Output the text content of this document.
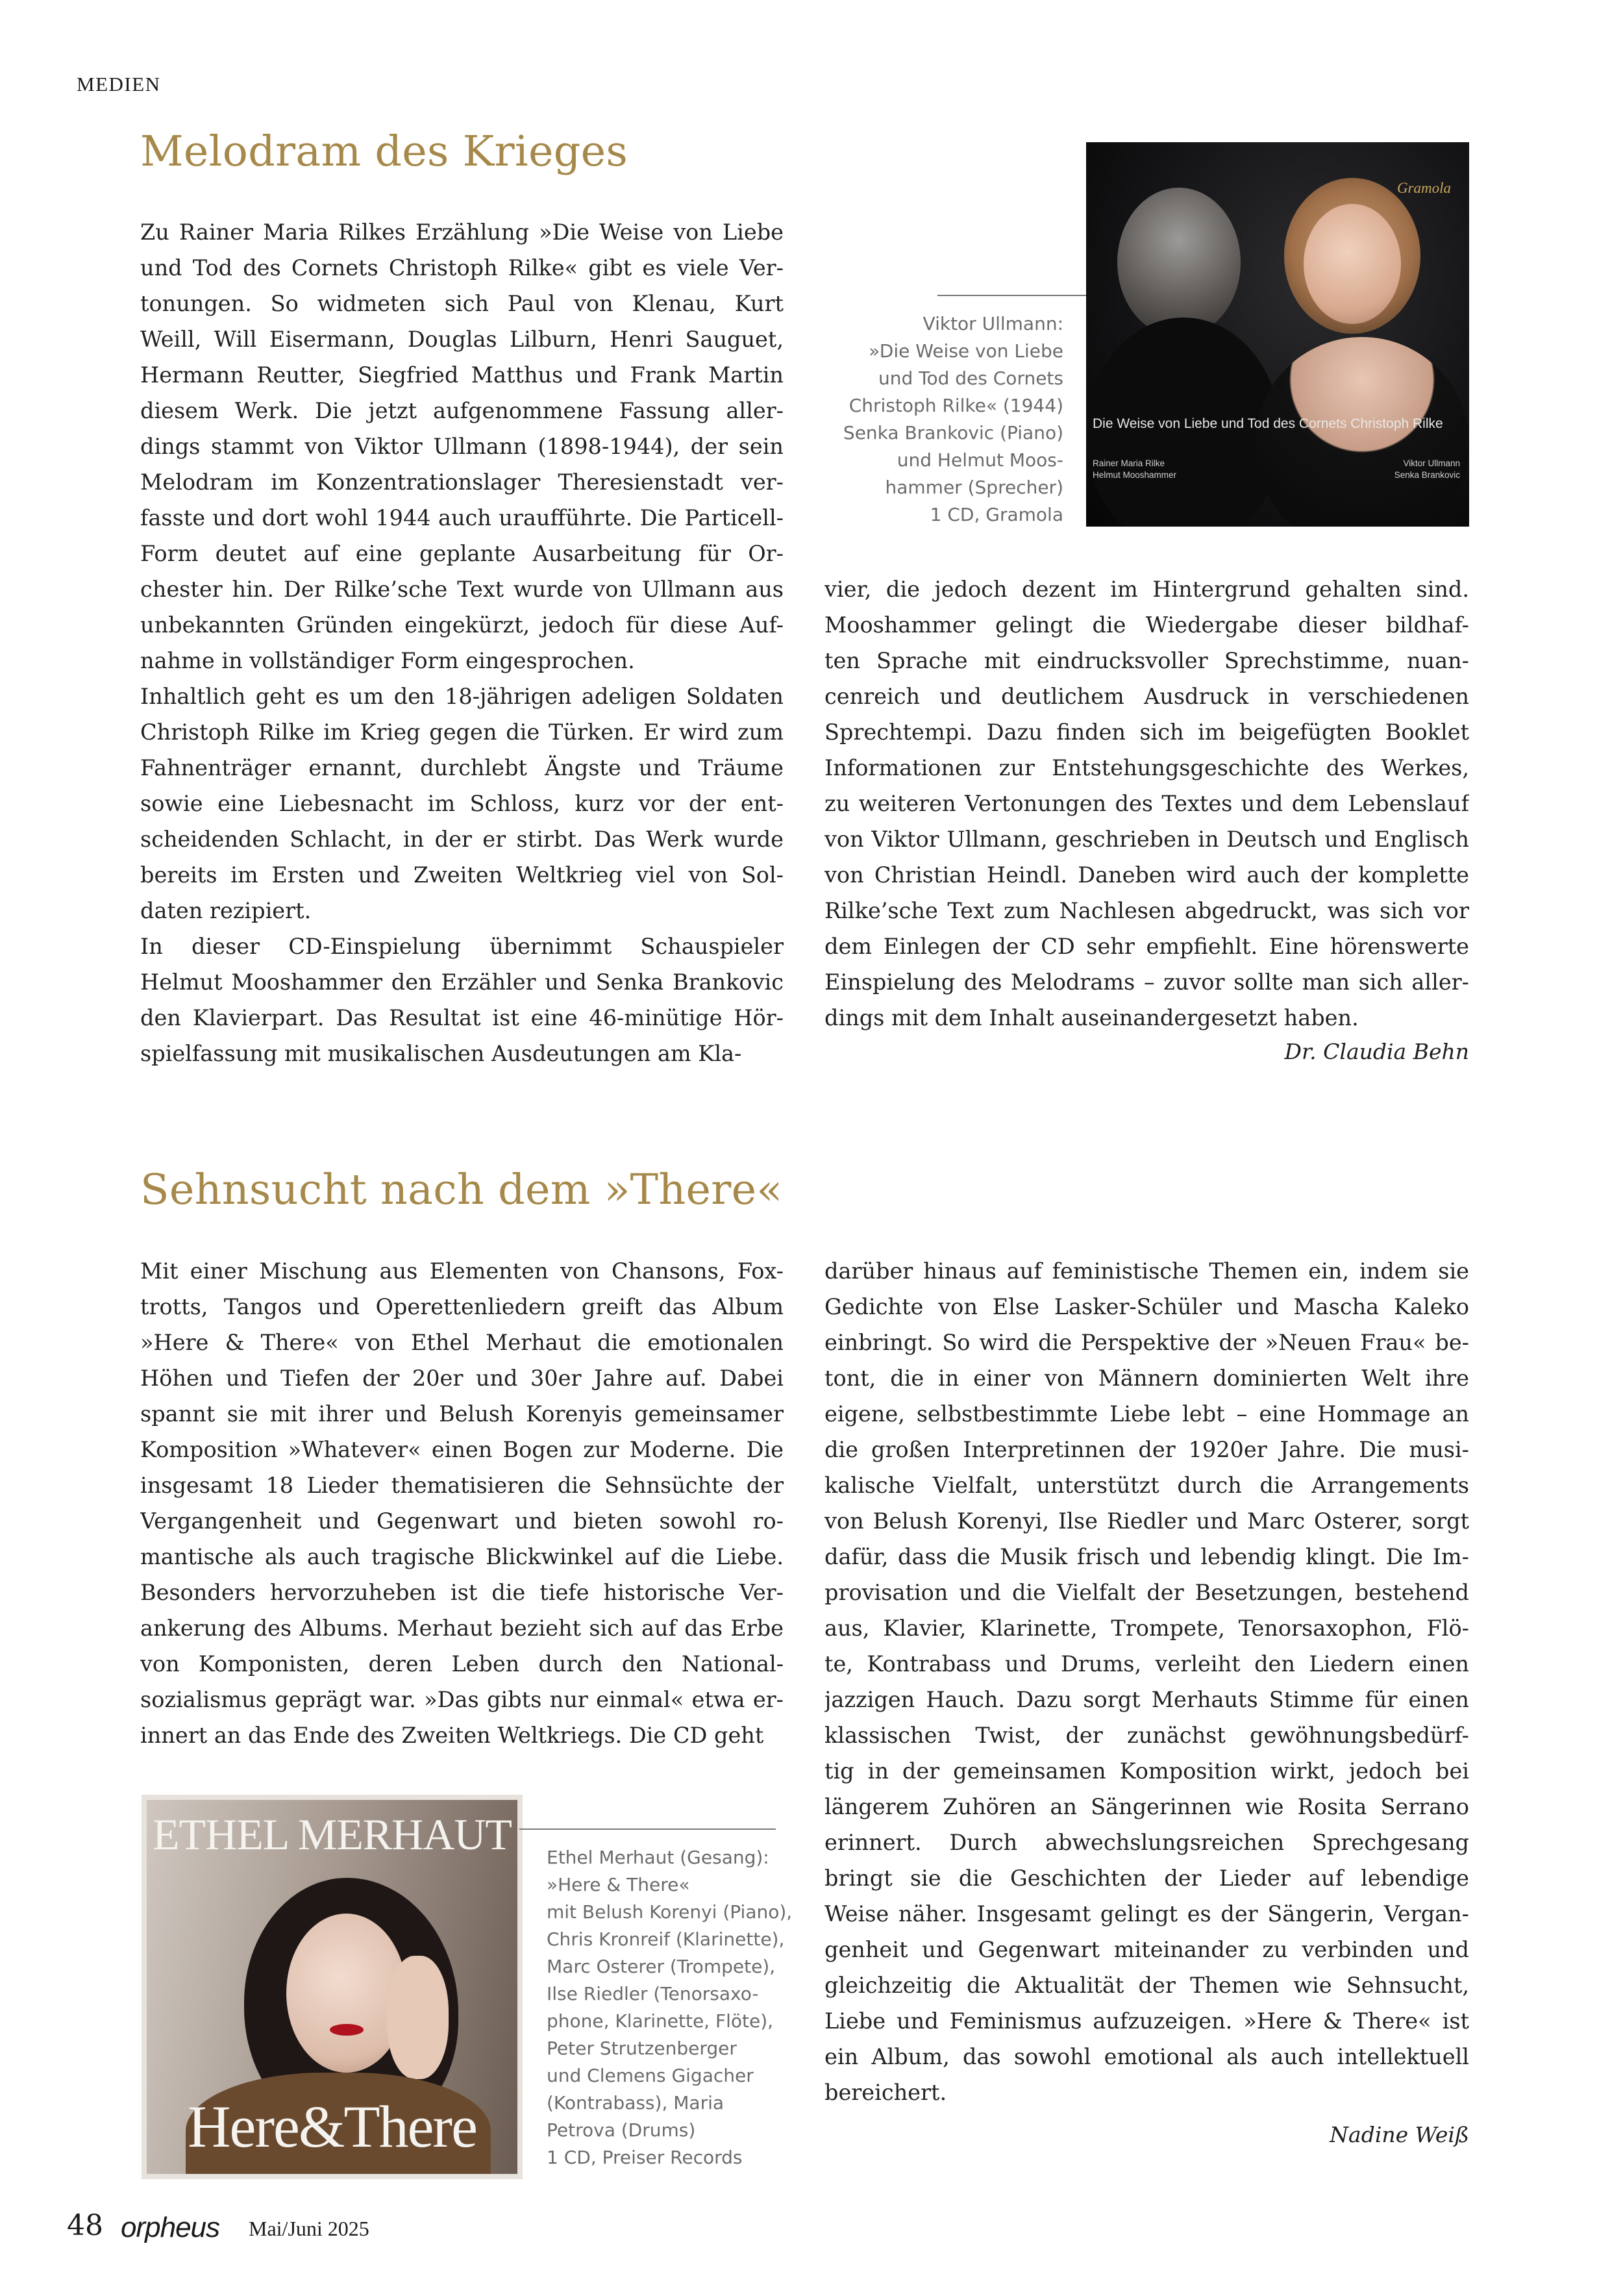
MEDIEN
Melodram des Krieges
Zu Rainer Maria Rilkes Erzählung »Die Weise von Liebe
und Tod des Cornets Christoph Rilke« gibt es viele Ver-
tonungen. So widmeten sich Paul von Klenau, Kurt
Weill, Will Eisermann, Douglas Lilburn, Henri Sauguet,
Hermann Reutter, Siegfried Matthus und Frank Martin
diesem Werk. Die jetzt aufgenommene Fassung aller-
dings stammt von Viktor Ullmann (1898-1944), der sein
Melodram im Konzentrationslager Theresienstadt ver-
fasste und dort wohl 1944 auch uraufführte. Die Particell-
Form deutet auf eine geplante Ausarbeitung für Or-
chester hin. Der Rilke’sche Text wurde von Ullmann aus
unbekannten Gründen eingekürzt, jedoch für diese Auf-
nahme in vollständiger Form eingesprochen.
Inhaltlich geht es um den 18-jährigen adeligen Soldaten
Christoph Rilke im Krieg gegen die Türken. Er wird zum
Fahnenträger ernannt, durchlebt Ängste und Träume
sowie eine Liebesnacht im Schloss, kurz vor der ent-
scheidenden Schlacht, in der er stirbt. Das Werk wurde
bereits im Ersten und Zweiten Weltkrieg viel von Sol-
daten rezipiert.
In dieser CD-Einspielung übernimmt Schauspieler
Helmut Mooshammer den Erzähler und Senka Brankovic
den Klavierpart. Das Resultat ist eine 46-minütige Hör-
spielfassung mit musikalischen Ausdeutungen am Kla-
vier, die jedoch dezent im Hintergrund gehalten sind.
Mooshammer gelingt die Wiedergabe dieser bildhaf-
ten Sprache mit eindrucksvoller Sprechstimme, nuan-
cenreich und deutlichem Ausdruck in verschiedenen
Sprechtempi. Dazu finden sich im beigefügten Booklet
Informationen zur Entstehungsgeschichte des Werkes,
zu weiteren Vertonungen des Textes und dem Lebenslauf
von Viktor Ullmann, geschrieben in Deutsch und Englisch
von Christian Heindl. Daneben wird auch der komplette
Rilke’sche Text zum Nachlesen abgedruckt, was sich vor
dem Einlegen der CD sehr empfiehlt. Eine hörenswerte
Einspielung des Melodrams – zuvor sollte man sich aller-
dings mit dem Inhalt auseinandergesetzt haben.
Dr. Claudia Behn
Viktor Ullmann:
»Die Weise von Liebe
und Tod des Cornets
Christoph Rilke« (1944)
Senka Brankovic (Piano)
und Helmut Moos-
hammer (Sprecher)
1 CD, Gramola
Gramola
Die Weise von Liebe und Tod des Cornets Christoph Rilke
Rainer Maria Rilke
Helmut Mooshammer
Viktor Ullmann
Senka Brankovic
Sehnsucht nach dem »There«
Mit einer Mischung aus Elementen von Chansons, Fox-
trotts, Tangos und Operettenliedern greift das Album
»Here & There« von Ethel Merhaut die emotionalen
Höhen und Tiefen der 20er und 30er Jahre auf. Dabei
spannt sie mit ihrer und Belush Korenyis gemeinsamer
Komposition »Whatever« einen Bogen zur Moderne. Die
insgesamt 18 Lieder thematisieren die Sehnsüchte der
Vergangenheit und Gegenwart und bieten sowohl ro-
mantische als auch tragische Blickwinkel auf die Liebe.
Besonders hervorzuheben ist die tiefe historische Ver-
ankerung des Albums. Merhaut bezieht sich auf das Erbe
von Komponisten, deren Leben durch den National-
sozialismus geprägt war. »Das gibts nur einmal« etwa er-
innert an das Ende des Zweiten Weltkriegs. Die CD geht
darüber hinaus auf feministische Themen ein, indem sie
Gedichte von Else Lasker-Schüler und Mascha Kaleko
einbringt. So wird die Perspektive der »Neuen Frau« be-
tont, die in einer von Männern dominierten Welt ihre
eigene, selbstbestimmte Liebe lebt – eine Hommage an
die großen Interpretinnen der 1920er Jahre. Die musi-
kalische Vielfalt, unterstützt durch die Arrangements
von Belush Korenyi, Ilse Riedler und Marc Osterer, sorgt
dafür, dass die Musik frisch und lebendig klingt. Die Im-
provisation und die Vielfalt der Besetzungen, bestehend
aus, Klavier, Klarinette, Trompete, Tenorsaxophon, Flö-
te, Kontrabass und Drums, verleiht den Liedern einen
jazzigen Hauch. Dazu sorgt Merhauts Stimme für einen
klassischen Twist, der zunächst gewöhnungsbedürf-
tig in der gemeinsamen Komposition wirkt, jedoch bei
längerem Zuhören an Sängerinnen wie Rosita Serrano
erinnert. Durch abwechslungsreichen Sprechgesang
bringt sie die Geschichten der Lieder auf lebendige
Weise näher. Insgesamt gelingt es der Sängerin, Vergan-
genheit und Gegenwart miteinander zu verbinden und
gleichzeitig die Aktualität der Themen wie Sehnsucht,
Liebe und Feminismus aufzuzeigen. »Here & There« ist
ein Album, das sowohl emotional als auch intellektuell
bereichert.
Nadine Weiß
ETHEL MERHAUT
Here&There
Ethel Merhaut (Gesang):
»Here & There«
mit Belush Korenyi (Piano),
Chris Kronreif (Klarinette),
Marc Osterer (Trompete),
Ilse Riedler (Tenorsaxo-
phone, Klarinette, Flöte),
Peter Strutzenberger
und Clemens Gigacher
(Kontrabass), Maria
Petrova (Drums)
1 CD, Preiser Records
48 orpheus Mai/Juni 2025
